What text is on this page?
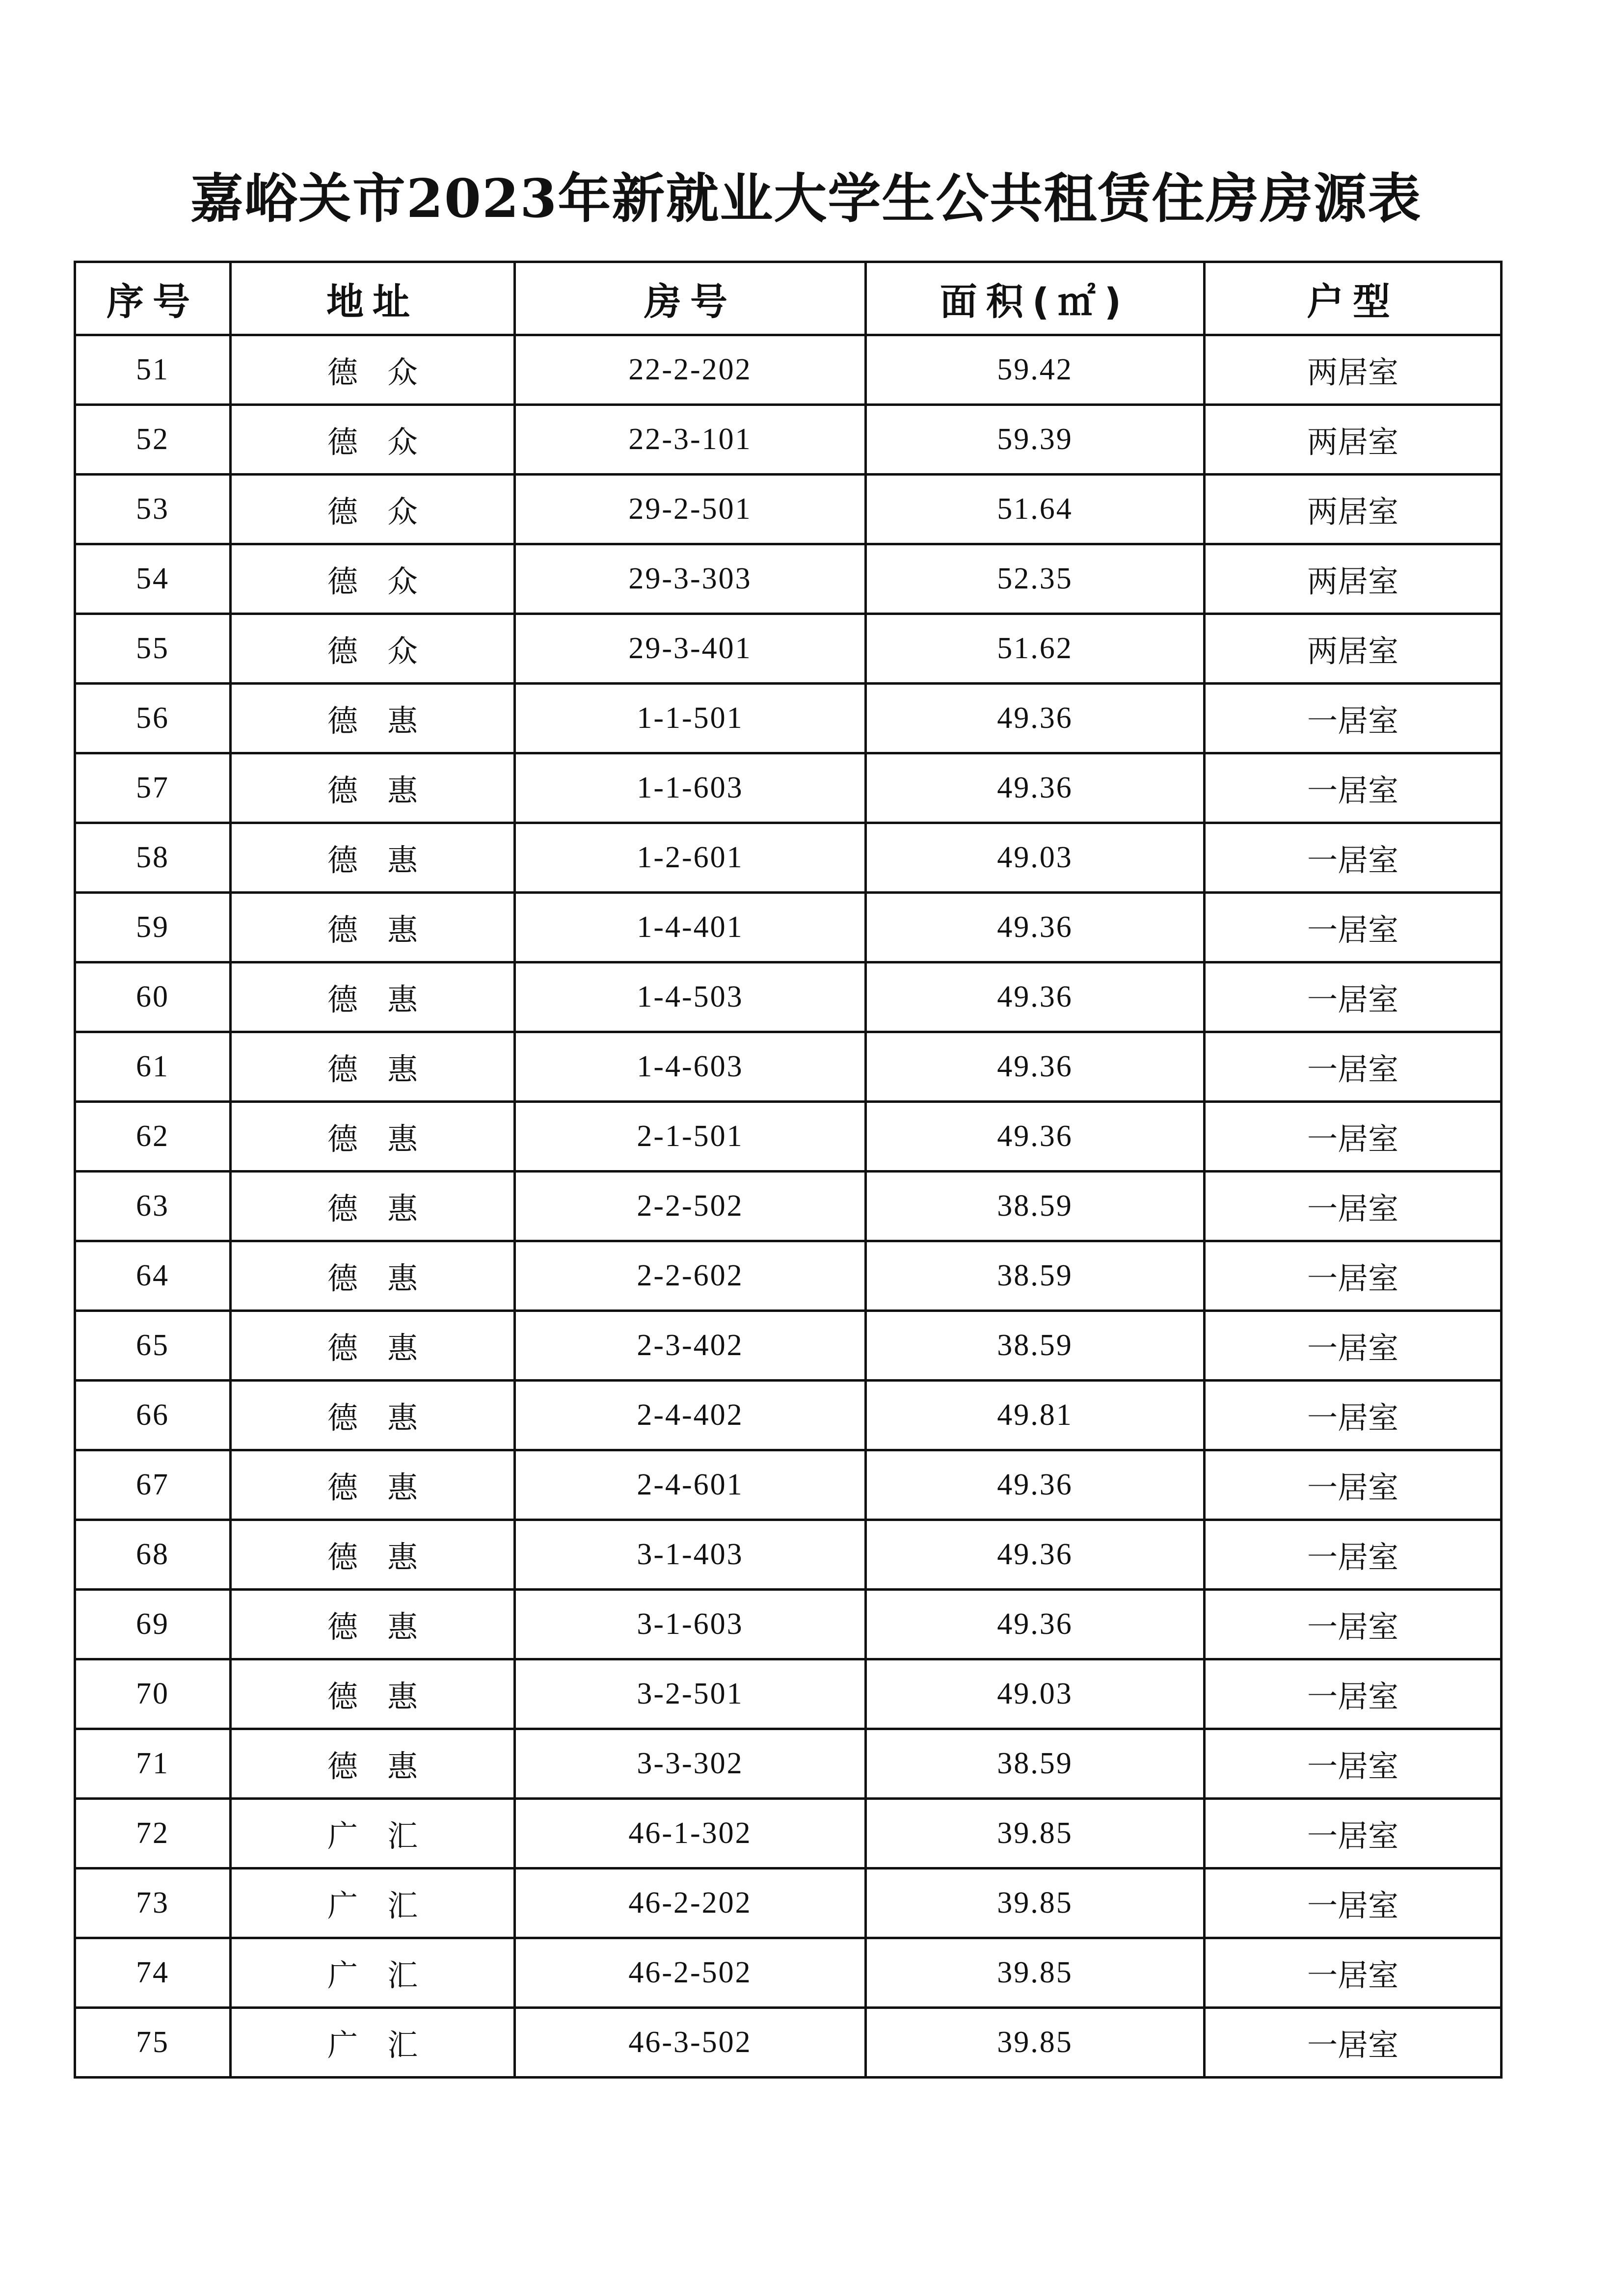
嘉峪关市2023年新就业大学生公共租赁住房房源表
序号	地址	房号	面积(㎡)	户型
51	德众	22-2-202	59.42	两居室
52	德众	22-3-101	59.39	两居室
53	德众	29-2-501	51.64	两居室
54	德众	29-3-303	52.35	两居室
55	德众	29-3-401	51.62	两居室
56	德惠	1-1-501	49.36	一居室
57	德惠	1-1-603	49.36	一居室
58	德惠	1-2-601	49.03	一居室
59	德惠	1-4-401	49.36	一居室
60	德惠	1-4-503	49.36	一居室
61	德惠	1-4-603	49.36	一居室
62	德惠	2-1-501	49.36	一居室
63	德惠	2-2-502	38.59	一居室
64	德惠	2-2-602	38.59	一居室
65	德惠	2-3-402	38.59	一居室
66	德惠	2-4-402	49.81	一居室
67	德惠	2-4-601	49.36	一居室
68	德惠	3-1-403	49.36	一居室
69	德惠	3-1-603	49.36	一居室
70	德惠	3-2-501	49.03	一居室
71	德惠	3-3-302	38.59	一居室
72	广汇	46-1-302	39.85	一居室
73	广汇	46-2-202	39.85	一居室
74	广汇	46-2-502	39.85	一居室
75	广汇	46-3-502	39.85	一居室
